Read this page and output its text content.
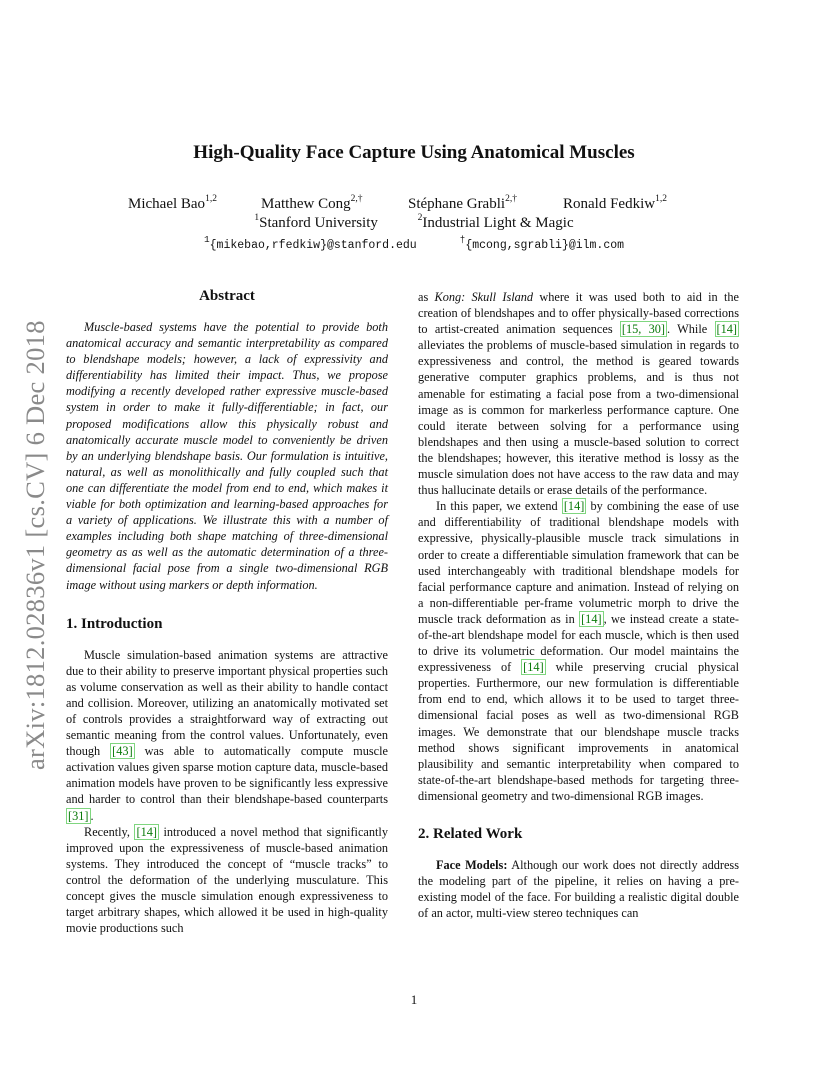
arXiv:1812.02836v1 [cs.CV] 6 Dec 2018
High-Quality Face Capture Using Anatomical Muscles
Michael Bao$^{1,2}$	Matthew Cong$^{2,\dagger}$	Stéphane Grabli$^{2,\dagger}$	Ronald Fedkiw$^{1,2}$
$^1$Stanford University	$^2$Industrial Light & Magic
$^1${mikebao,rfedkiw}@stanford.edu	†{mcong,sgrabli}@ilm.com
Abstract

Muscle-based systems have the potential to provide both anatomical accuracy and semantic interpretability as compared to blendshape models; however, a lack of expressivity and differentiability has limited their impact. Thus, we propose modifying a recently developed rather expressive muscle-based system in order to make it fully-differentiable; in fact, our proposed modifications allow this physically robust and anatomically accurate muscle model to conveniently be driven by an underlying blendshape basis. Our formulation is intuitive, natural, as well as monolithically and fully coupled such that one can differentiate the model from end to end, which makes it viable for both optimization and learning-based approaches for a variety of applications. We illustrate this with a number of examples including both shape matching of three-dimensional geometry as as well as the automatic determination of a three-dimensional facial pose from a single two-dimensional RGB image without using markers or depth information.

1. Introduction

Muscle simulation-based animation systems are attractive due to their ability to preserve important physical properties such as volume conservation as well as their ability to handle contact and collision. Moreover, utilizing an anatomically motivated set of controls provides a straightforward way of extracting out semantic meaning from the control values. Unfortunately, even though [43] was able to automatically compute muscle activation values given sparse motion capture data, muscle-based animation models have proven to be significantly less expressive and harder to control than their blendshape-based counterparts [31] .

Recently, [14] introduced a novel method that significantly improved upon the expressiveness of muscle-based animation systems. They introduced the concept of “muscle tracks” to control the deformation of the underlying musculature. This concept gives the muscle simulation enough expressiveness to target arbitrary shapes, which allowed it be used in high-quality movie productions such

as Kong: Skull Island where it was used both to aid in the creation of blendshapes and to offer physically-based corrections to artist-created animation sequences [15, 30] . While [14] alleviates the problems of muscle-based simulation in regards to expressiveness and control, the method is geared towards generative computer graphics problems, and is thus not amenable for estimating a facial pose from a two-dimensional image as is common for markerless performance capture. One could iterate between solving for a performance using blendshapes and then using a muscle-based solution to correct the blendshapes; however, this iterative method is lossy as the muscle simulation does not have access to the raw data and may thus hallucinate details or erase details of the performance.

In this paper, we extend [14] by combining the ease of use and differentiability of traditional blendshape models with expressive, physically-plausible muscle track simulations in order to create a differentiable simulation framework that can be used interchangeably with traditional blendshape models for facial performance capture and animation. Instead of relying on a non-differentiable per-frame volumetric morph to drive the muscle track deformation as in [14] , we instead create a state-of-the-art blendshape model for each muscle, which is then used to drive its volumetric deformation. Our model maintains the expressiveness of [14] while preserving crucial physical properties. Furthermore, our new formulation is differentiable from end to end, which allows it to be used to target three-dimensional facial poses as well as two-dimensional RGB images. We demonstrate that our blendshape muscle tracks method shows significant improvements in anatomical plausibility and semantic interpretability when compared to state-of-the-art blendshape-based methods for targeting three-dimensional geometry and two-dimensional RGB images.

2. Related Work

Face Models: Although our work does not directly address the modeling part of the pipeline, it relies on having a pre-existing model of the face. For building a realistic digital double of an actor, multi-view stereo techniques can

1
